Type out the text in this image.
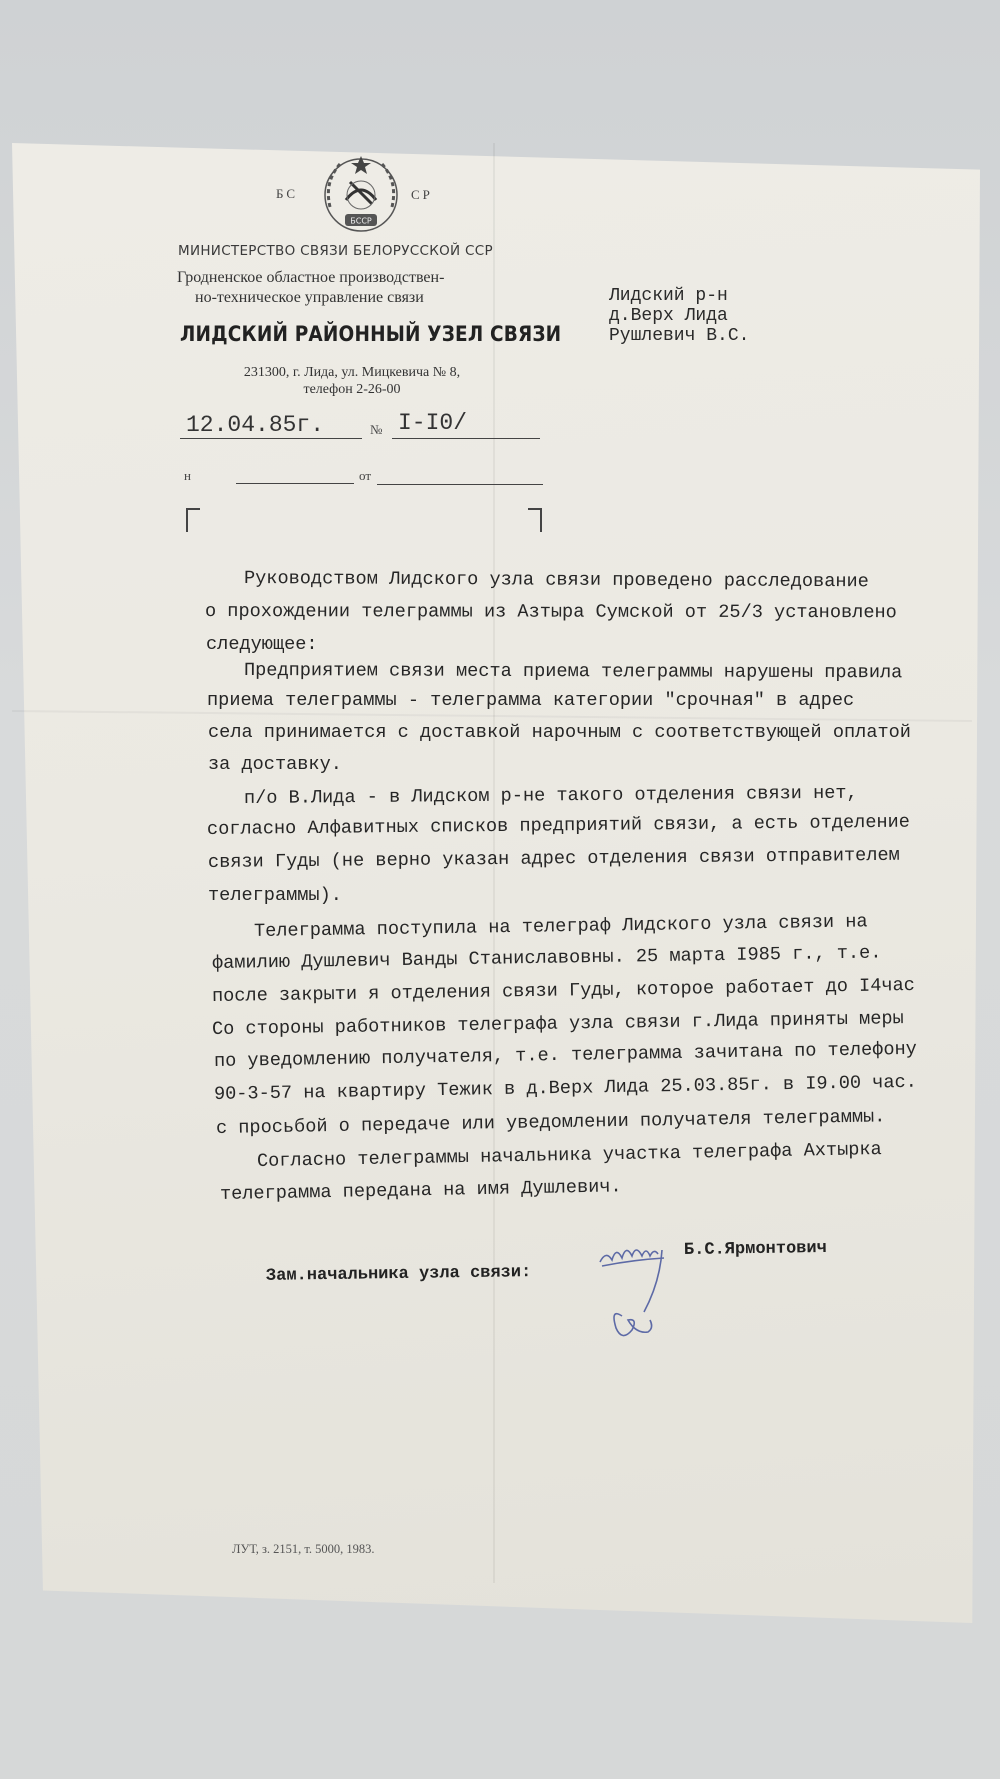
БС	СР
БССР
МИНИСТЕРСТВО СВЯЗИ БЕЛОРУССКОЙ ССР
Гродненское областное производствен-
но-техническое управление связи
ЛИДСКИЙ РАЙОННЫЙ УЗЕЛ СВЯЗИ
231300, г. Лида, ул. Мицкевича № 8,
телефон 2-26-00
12.04.85г.	№ I-I0/
н	от
Лидский р-н
д.Верх Лида
Рушлевич В.С.
Руководством Лидского узла связи проведено расследование
о прохождении телеграммы из Азтыра Сумской от 25/3 установлено
следующее:
Предприятием связи места приема телеграммы нарушены правила
приема телеграммы - телеграмма категории "срочная" в адрес
села принимается с доставкой нарочным с соответствующей оплатой
за доставку.
п/о В.Лида - в Лидском р-не такого отделения связи нет,
согласно Алфавитных списков предприятий связи, а есть отделение
связи Гуды (не верно указан адрес отделения связи отправителем
телеграммы).
Телеграмма поступила на телеграф Лидского узла связи на
фамилию Душлевич Ванды Станиславовны. 25 марта I985 г., т.е.
после закрыти я отделения связи Гуды, которое работает до I4час
Со стороны работников телеграфа узла связи г.Лида приняты меры
по уведомлению получателя, т.е. телеграмма зачитана по телефону
90-3-57 на квартиру Тежик в д.Верх Лида 25.03.85г. в I9.00 час.
с просьбой о передаче или уведомлении получателя телеграммы.
Согласно телеграммы начальника участка телеграфа Ахтырка
телеграмма передана на имя Душлевич.
Зам.начальника узла связи:
Б.С.Ярмонтович
ЛУТ, з. 2151, т. 5000, 1983.
